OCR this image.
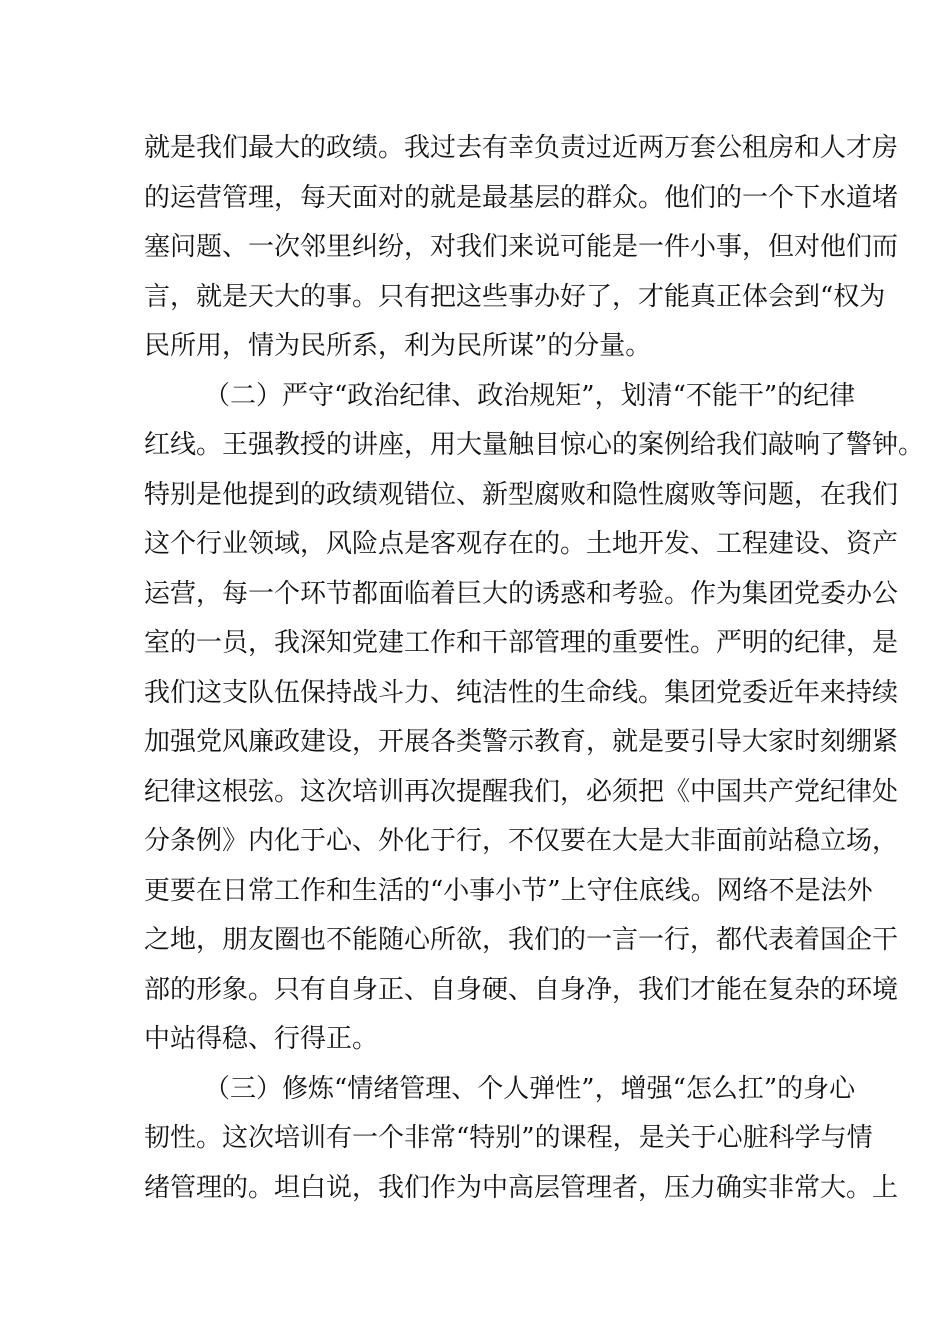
就是我们最大的政绩。我过去有幸负责过近两万套公租房和人才房
的运营管理，每天面对的就是最基层的群众。他们的一个下水道堵
塞问题、一次邻里纠纷，对我们来说可能是一件小事，但对他们而
言，就是天大的事。只有把这些事办好了，才能真正体会到“权为
民所用，情为民所系，利为民所谋”的分量。
（二）严守“政治纪律、政治规矩”，划清“不能干”的纪律
红线。王强教授的讲座，用大量触目惊心的案例给我们敲响了警钟。
特别是他提到的政绩观错位、新型腐败和隐性腐败等问题，在我们
这个行业领域，风险点是客观存在的。土地开发、工程建设、资产
运营，每一个环节都面临着巨大的诱惑和考验。作为集团党委办公
室的一员，我深知党建工作和干部管理的重要性。严明的纪律，是
我们这支队伍保持战斗力、纯洁性的生命线。集团党委近年来持续
加强党风廉政建设，开展各类警示教育，就是要引导大家时刻绷紧
纪律这根弦。这次培训再次提醒我们，必须把《中国共产党纪律处
分条例》内化于心、外化于行，不仅要在大是大非面前站稳立场，
更要在日常工作和生活的“小事小节”上守住底线。网络不是法外
之地，朋友圈也不能随心所欲，我们的一言一行，都代表着国企干
部的形象。只有自身正、自身硬、自身净，我们才能在复杂的环境
中站得稳、行得正。
（三）修炼“情绪管理、个人弹性”，增强“怎么扛”的身心
韧性。这次培训有一个非常“特别”的课程，是关于心脏科学与情
绪管理的。坦白说，我们作为中高层管理者，压力确实非常大。上
